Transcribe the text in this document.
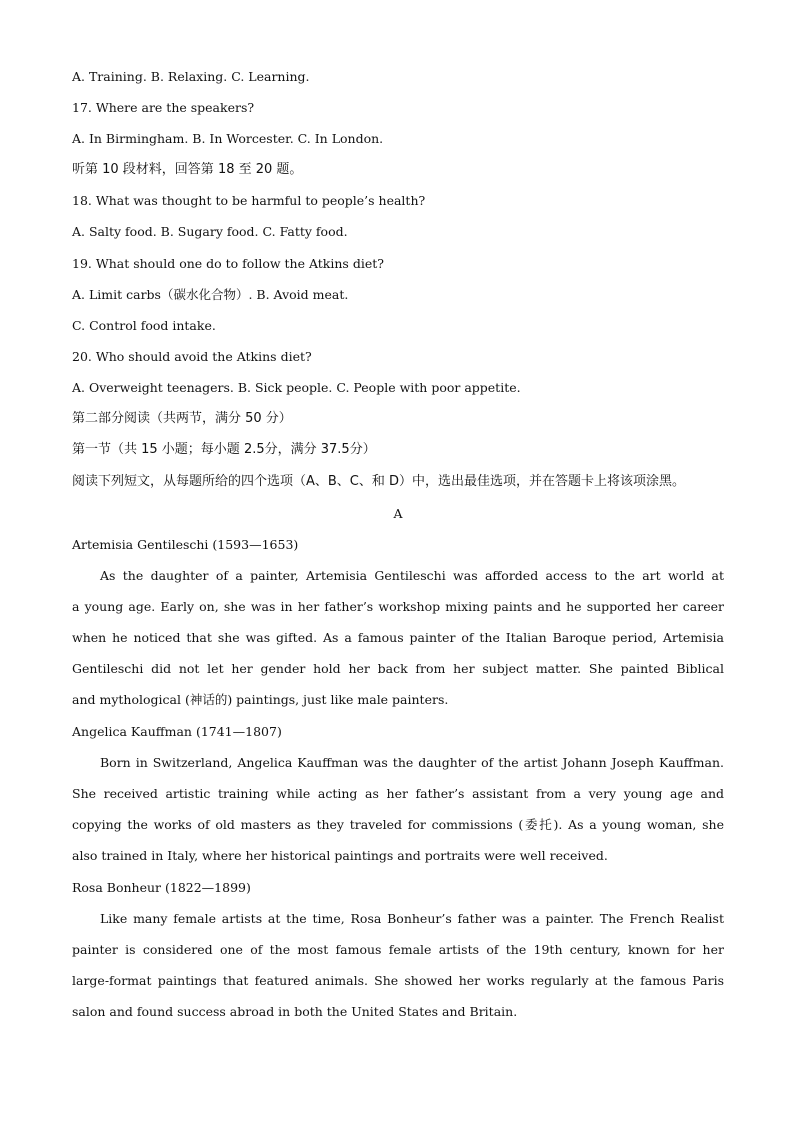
A. Training. B. Relaxing. C. Learning.
17. Where are the speakers?
A. In Birmingham. B. In Worcester. C. In London.
听第 10 段材料，回答第 18 至 20 题。
18. What was thought to be harmful to people’s health?
A. Salty food. B. Sugary food. C. Fatty food.
19. What should one do to follow the Atkins diet?
A. Limit carbs（碳水化合物）. B. Avoid meat.
C. Control food intake.
20. Who should avoid the Atkins diet?
A. Overweight teenagers. B. Sick people. C. People with poor appetite.
第二部分阅读（共两节，满分 50 分）
第一节（共 15 小题；每小题 2.5分，满分 37.5分）
阅读下列短文，从每题所给的四个选项（A、B、C、和 D）中，选出最佳选项，并在答题卡上将该项涂黑。
A
Artemisia Gentileschi (1593—1653)
As the daughter of a painter, Artemisia Gentileschi was afforded access to the art world at
a young age. Early on, she was in her father’s workshop mixing paints and he supported her career
when he noticed that she was gifted. As a famous painter of the Italian Baroque period, Artemisia
Gentileschi did not let her gender hold her back from her subject matter. She painted Biblical
and mythological (神话的) paintings, just like male painters.
Angelica Kauffman (1741—1807)
Born in Switzerland, Angelica Kauffman was the daughter of the artist Johann Joseph Kauffman.
She received artistic training while acting as her father’s assistant from a very young age and
copying the works of old masters as they traveled for commissions (委托). As a young woman, she
also trained in Italy, where her historical paintings and portraits were well received.
Rosa Bonheur (1822—1899)
Like many female artists at the time, Rosa Bonheur’s father was a painter. The French Realist
painter is considered one of the most famous female artists of the 19th century, known for her
large-format paintings that featured animals. She showed her works regularly at the famous Paris
salon and found success abroad in both the United States and Britain.
